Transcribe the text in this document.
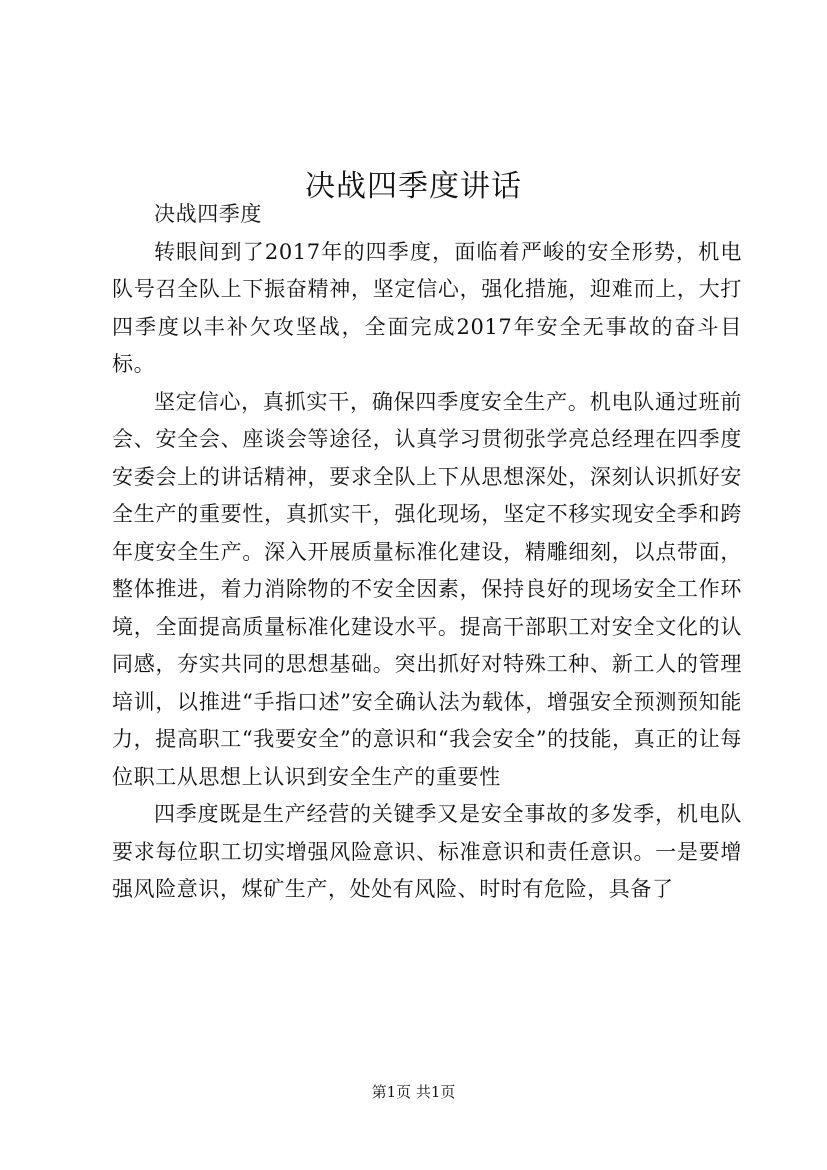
决战四季度讲话

决战四季度

转眼间到了2017年的四季度，面临着严峻的安全形势，机电队号召全队上下振奋精神，坚定信心，强化措施，迎难而上，大打四季度以丰补欠攻坚战，全面完成2017年安全无事故的奋斗目标。

坚定信心，真抓实干，确保四季度安全生产。机电队通过班前会、安全会、座谈会等途径，认真学习贯彻张学亮总经理在四季度安委会上的讲话精神，要求全队上下从思想深处，深刻认识抓好安全生产的重要性，真抓实干，强化现场，坚定不移实现安全季和跨年度安全生产。深入开展质量标准化建设，精雕细刻，以点带面，整体推进，着力消除物的不安全因素，保持良好的现场安全工作环境，全面提高质量标准化建设水平。提高干部职工对安全文化的认同感，夯实共同的思想基础。突出抓好对特殊工种、新工人的管理培训，以推进“手指口述”安全确认法为载体，增强安全预测预知能力，提高职工“我要安全”的意识和“我会安全”的技能，真正的让每位职工从思想上认识到安全生产的重要性

四季度既是生产经营的关键季又是安全事故的多发季，机电队要求每位职工切实增强风险意识、标准意识和责任意识。一是要增强风险意识，煤矿生产，处处有风险、时时有危险，具备了

第1页 共1页
